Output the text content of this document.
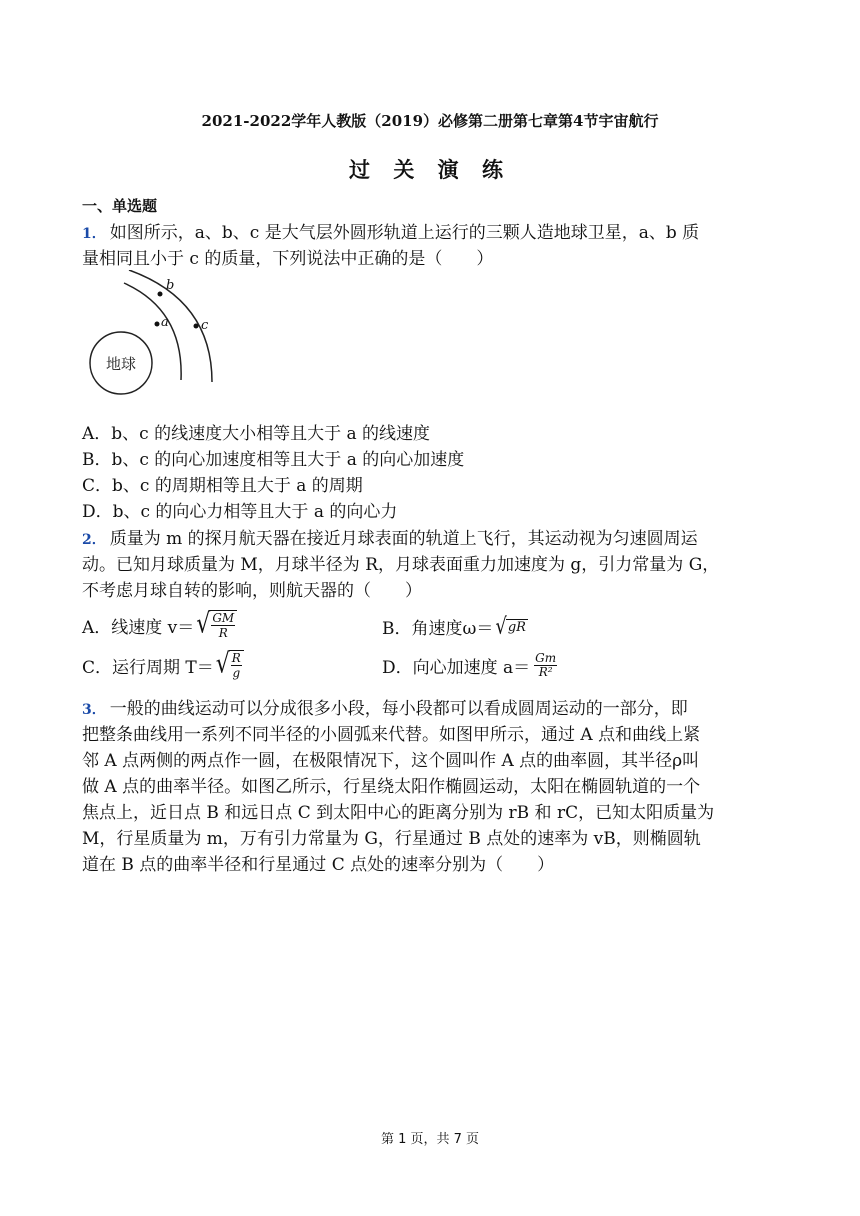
2021-2022学年人教版（2019）必修第二册第七章第4节宇宙航行
过 关 演 练
一、单选题
1． 如图所示，a、b、c 是大气层外圆形轨道上运行的三颗人造地球卫星，a、b 质
量相同且小于 c 的质量，下列说法中正确的是（　　）
地球
b
a c
A．b、c 的线速度大小相等且大于 a 的线速度
B．b、c 的向心加速度相等且大于 a 的向心加速度
C．b、c 的周期相等且大于 a 的周期
D．b、c 的向心力相等且大于 a 的向心力
2． 质量为 m 的探月航天器在接近月球表面的轨道上飞行，其运动视为匀速圆周运
动。已知月球质量为 M，月球半径为 R，月球表面重力加速度为 g，引力常量为 G，
不考虑月球自转的影响，则航天器的（　　）
A．线速度 v＝ √ $\frac{GM}{R}$	B．角速度ω＝ √ gR
C．运行周期 T＝ √ $\frac{R}{g}$	D．向心加速度 $a= \frac{Gm}{\text{R²}}$
3． 一般的曲线运动可以分成很多小段，每小段都可以看成圆周运动的一部分，即
把整条曲线用一系列不同半径的小圆弧来代替。如图甲所示，通过 A 点和曲线上紧
邻 A 点两侧的两点作一圆，在极限情况下，这个圆叫作 A 点的曲率圆，其半径ρ叫
做 A 点的曲率半径。如图乙所示，行星绕太阳作椭圆运动，太阳在椭圆轨道的一个
焦点上，近日点 B 和远日点 C 到太阳中心的距离分别为 rB 和 rC，已知太阳质量为
M，行星质量为 m，万有引力常量为 G，行星通过 B 点处的速率为 vB，则椭圆轨
道在 B 点的曲率半径和行星通过 C 点处的速率分别为（　　）
第 1 页，共 7 页
